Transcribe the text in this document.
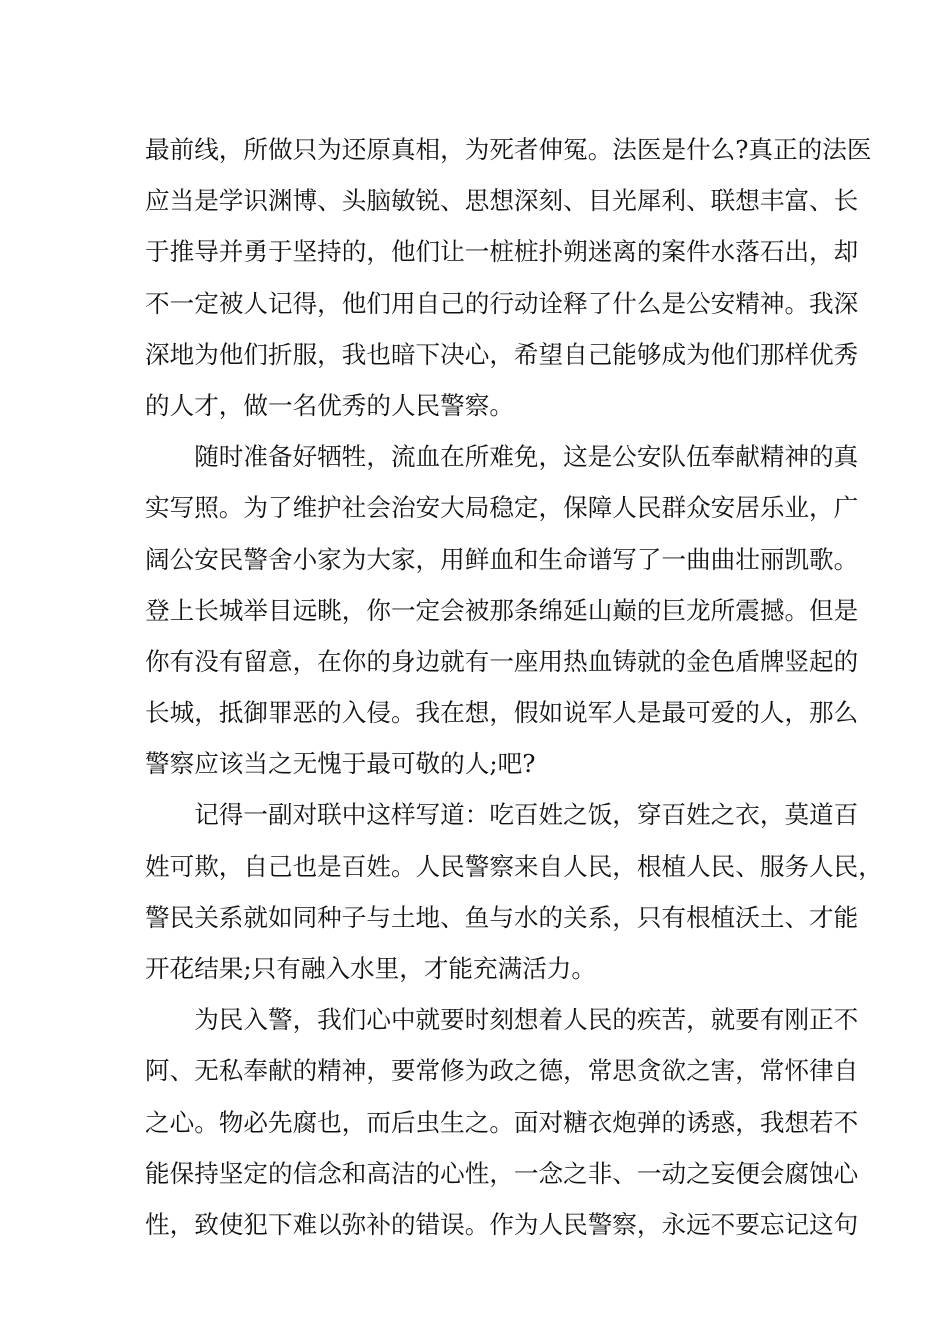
最前线，所做只为还原真相，为死者伸冤。法医是什么?真正的法医
应当是学识渊博、头脑敏锐、思想深刻、目光犀利、联想丰富、长
于推导并勇于坚持的，他们让一桩桩扑朔迷离的案件水落石出，却
不一定被人记得，他们用自己的行动诠释了什么是公安精神。我深
深地为他们折服，我也暗下决心，希望自己能够成为他们那样优秀
的人才，做一名优秀的人民警察。
　　随时准备好牺牲，流血在所难免，这是公安队伍奉献精神的真
实写照。为了维护社会治安大局稳定，保障人民群众安居乐业，广
阔公安民警舍小家为大家，用鲜血和生命谱写了一曲曲壮丽凯歌。
登上长城举目远眺，你一定会被那条绵延山巅的巨龙所震撼。但是
你有没有留意，在你的身边就有一座用热血铸就的金色盾牌竖起的
长城，抵御罪恶的入侵。我在想，假如说军人是最可爱的人，那么
警察应该当之无愧于最可敬的人;吧?
　　记得一副对联中这样写道：吃百姓之饭，穿百姓之衣，莫道百
姓可欺，自己也是百姓。人民警察来自人民，根植人民、服务人民，
警民关系就如同种子与土地、鱼与水的关系，只有根植沃土、才能
开花结果;只有融入水里，才能充满活力。
　　为民入警，我们心中就要时刻想着人民的疾苦，就要有刚正不
阿、无私奉献的精神，要常修为政之德，常思贪欲之害，常怀律自
之心。物必先腐也，而后虫生之。面对糖衣炮弹的诱惑，我想若不
能保持坚定的信念和高洁的心性，一念之非、一动之妄便会腐蚀心
性，致使犯下难以弥补的错误。作为人民警察，永远不要忘记这句
